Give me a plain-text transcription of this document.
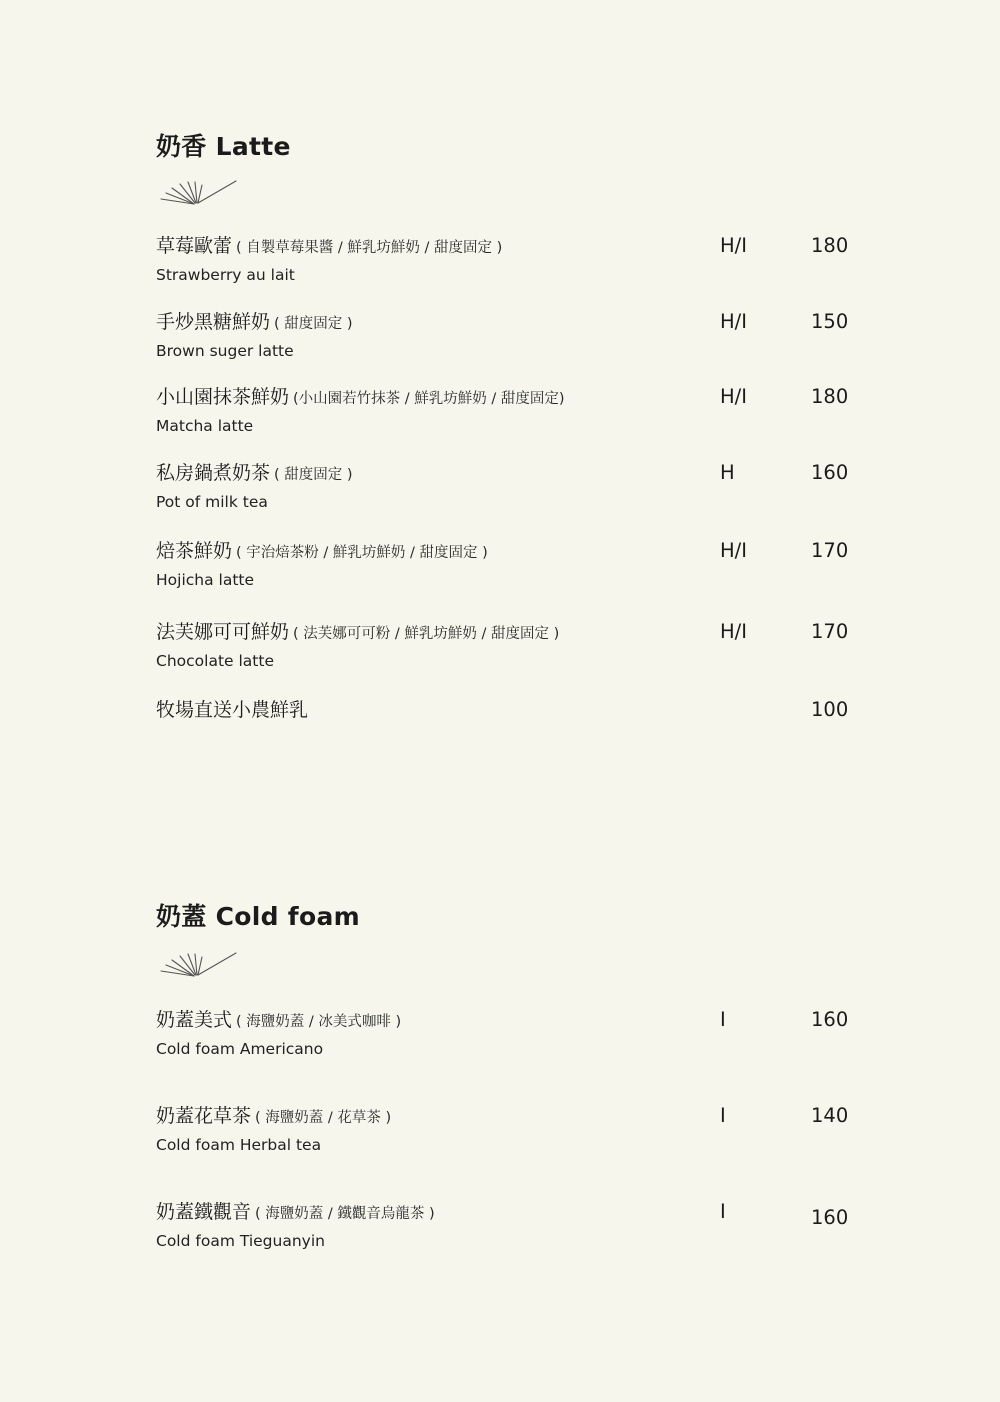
奶香 Latte
草莓歐蕾 ( 自製草莓果醬 / 鮮乳坊鮮奶 / 甜度固定 )
Strawberry au lait
H/I	180
手炒黑糖鮮奶 ( 甜度固定 )
Brown suger latte
H/I	150
小山園抹茶鮮奶 (小山園若竹抹茶 / 鮮乳坊鮮奶 / 甜度固定)
Matcha latte
H/I	180
私房鍋煮奶茶 ( 甜度固定 )
Pot of milk tea
H	160
焙茶鮮奶 ( 宇治焙茶粉 / 鮮乳坊鮮奶 / 甜度固定 )
Hojicha latte
H/I	170
法芙娜可可鮮奶 ( 法芙娜可可粉 / 鮮乳坊鮮奶 / 甜度固定 )
Chocolate latte
H/I	170
牧場直送小農鮮乳	100
奶蓋 Cold foam
奶蓋美式 ( 海鹽奶蓋 / 冰美式咖啡 )
Cold foam Americano
I	160
奶蓋花草茶 ( 海鹽奶蓋 / 花草茶 )
Cold foam Herbal tea
I	140
奶蓋鐵觀音 ( 海鹽奶蓋 / 鐵觀音烏龍茶 )
Cold foam Tieguanyin
I	160
